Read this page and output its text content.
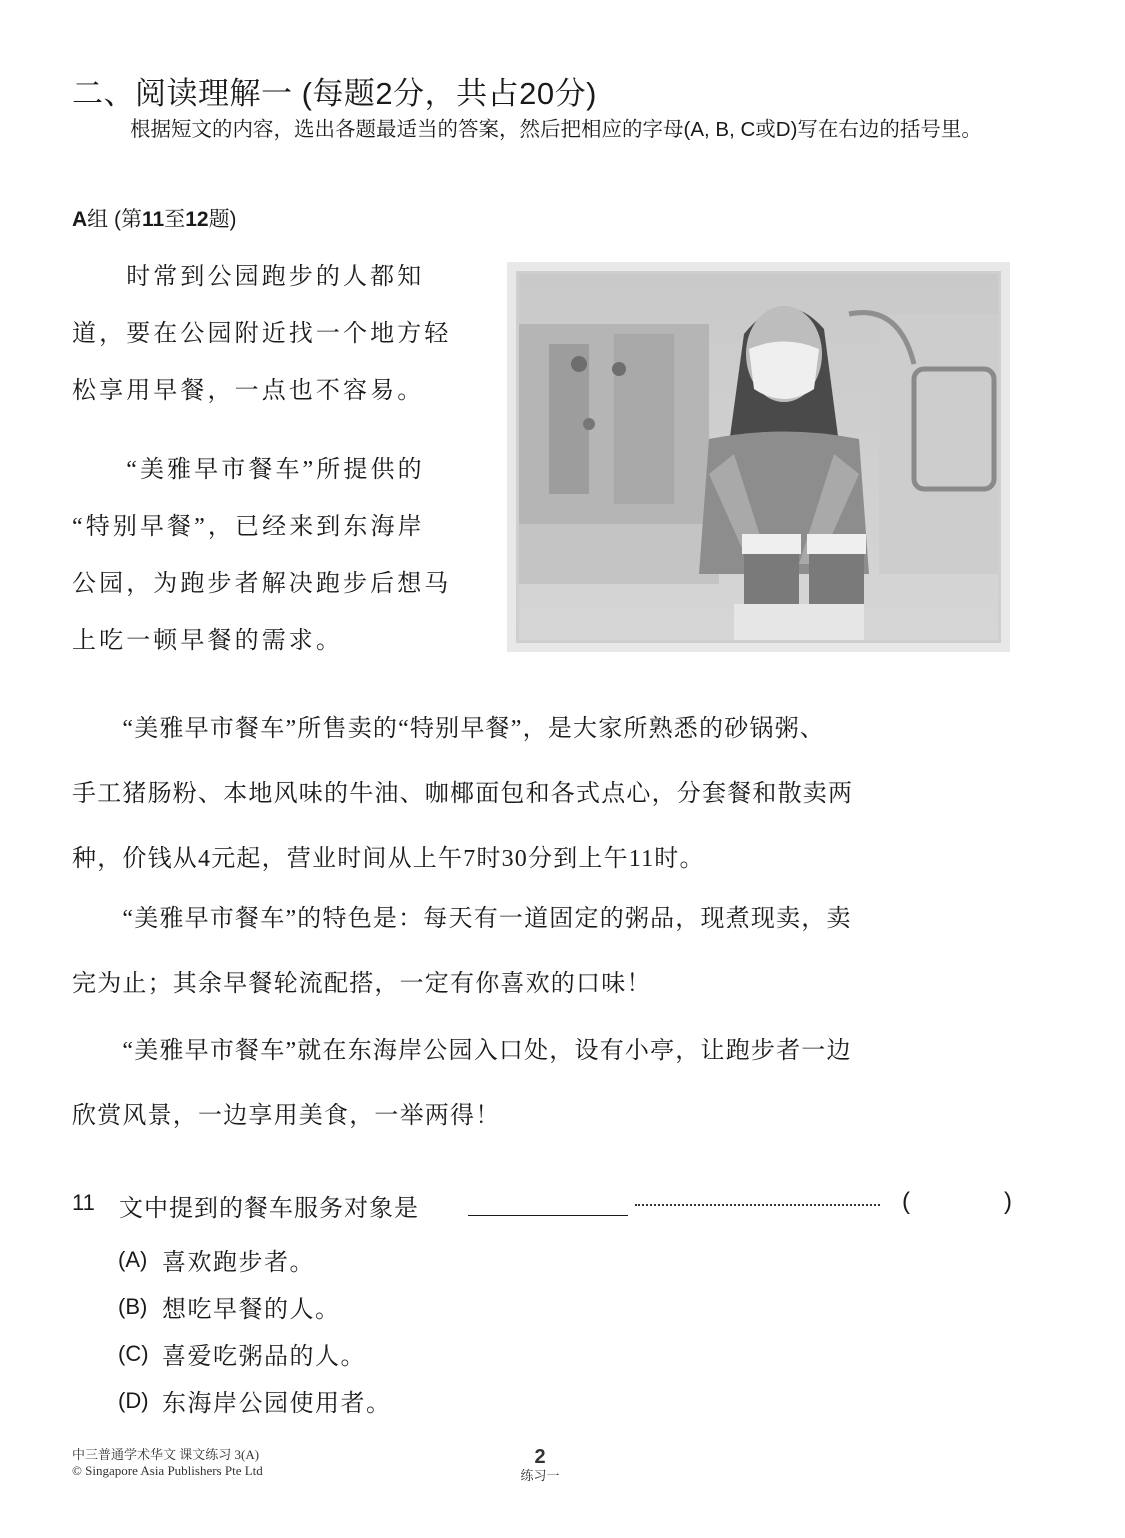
二、阅读理解一 (每题2分，共占20分)
根据短文的内容，选出各题最适当的答案，然后把相应的字母(A, B, C或D)写在右边的括号里。
A组 (第11至12题)
　　时常到公园跑步的人都知
道，要在公园附近找一个地方轻
松享用早餐，一点也不容易。
　　“美雅早市餐车”所提供的
“特别早餐”，已经来到东海岸
公园，为跑步者解决跑步后想马
上吃一顿早餐的需求。
　　“美雅早市餐车”所售卖的“特别早餐”，是大家所熟悉的砂锅粥、
手工猪肠粉、本地风味的牛油、咖椰面包和各式点心，分套餐和散卖两
种，价钱从4元起，营业时间从上午7时30分到上午11时。
　　“美雅早市餐车”的特色是：每天有一道固定的粥品，现煮现卖，卖
完为止；其余早餐轮流配搭，一定有你喜欢的口味！
　　“美雅早市餐车”就在东海岸公园入口处，设有小亭，让跑步者一边
欣赏风景，一边享用美食，一举两得！
11 文中提到的餐车服务对象是	(	)
(A) 喜欢跑步者。
(B) 想吃早餐的人。
(C) 喜爱吃粥品的人。
(D) 东海岸公园使用者。
中三普通学术华文 课文练习 3(A)
© Singapore Asia Publishers Pte Ltd
2
练习一
